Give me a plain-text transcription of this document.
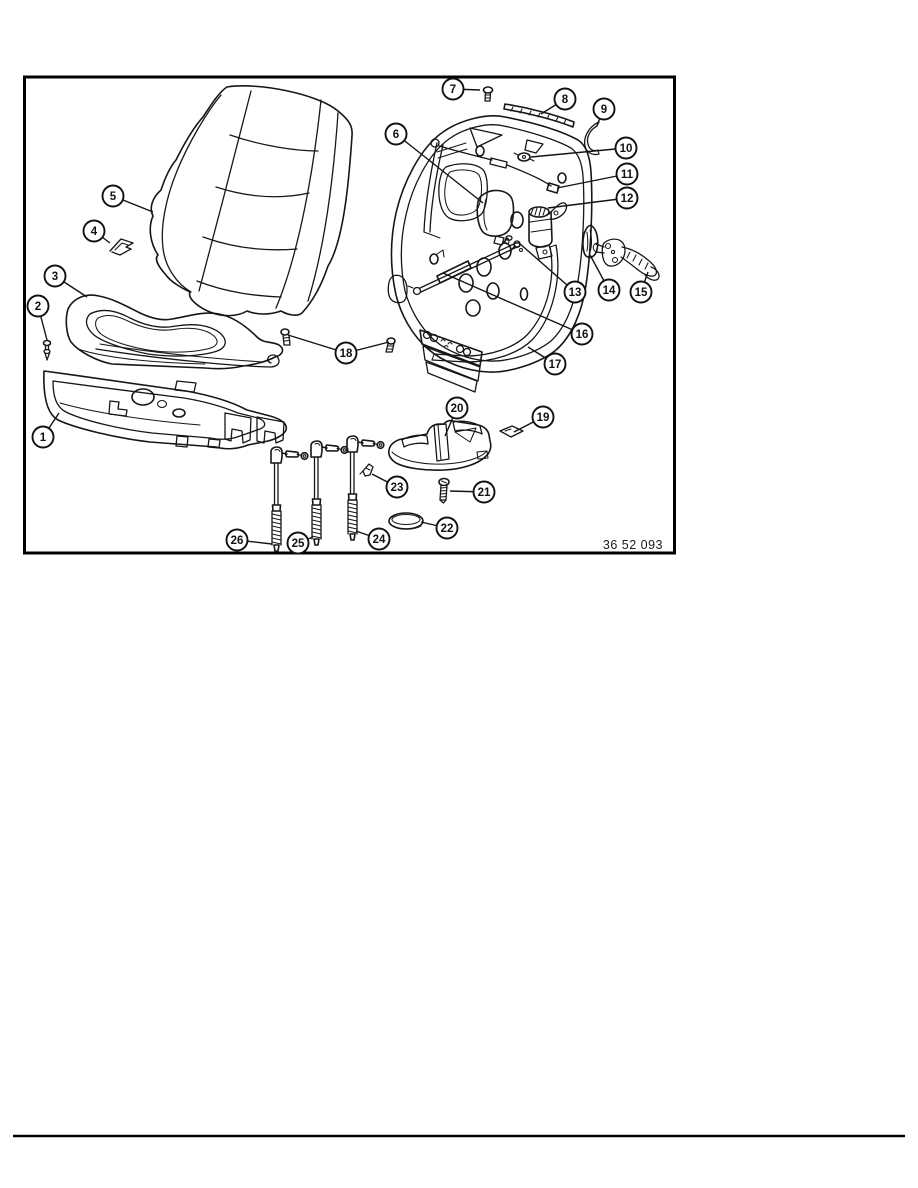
1
2
3
4
5
6
7
8
9
10
11
12
13 14 15
16
17
18
19
20
21
22
23
24
25
26	36 52 093
